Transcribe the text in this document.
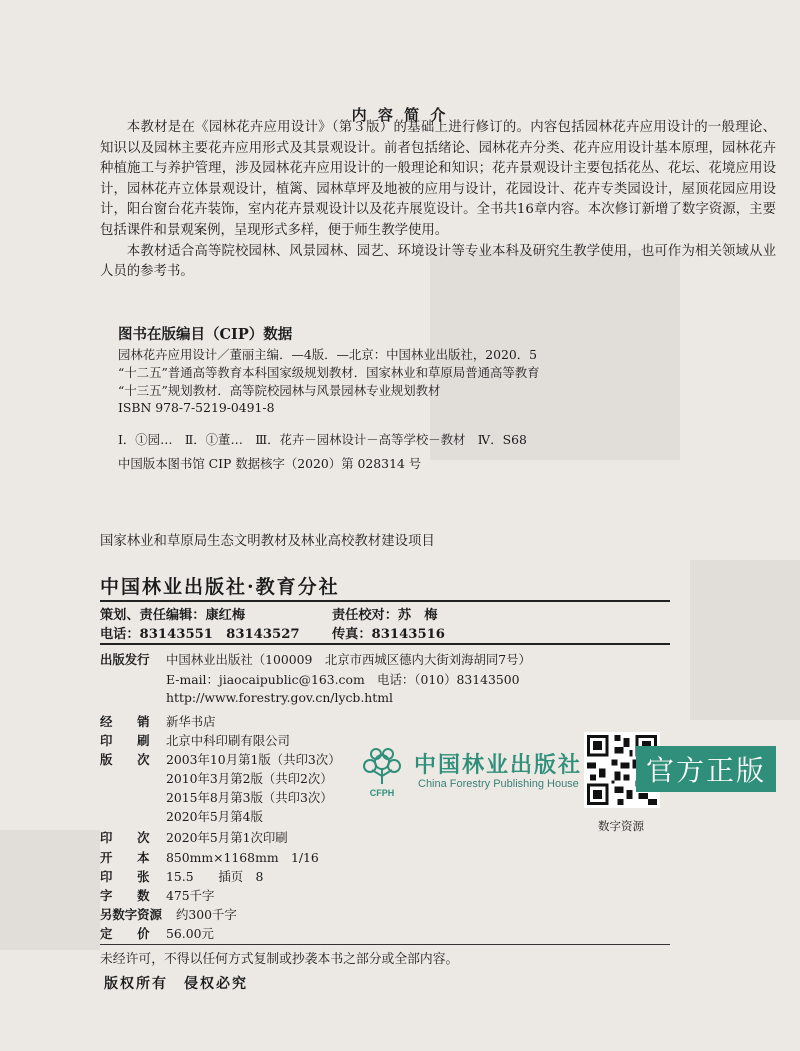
内 容 简 介

本教材是在《园林花卉应用设计》（第３版）的基础上进行修订的。内容包括园林花卉应用设计的一般理论、知识以及园林主要花卉应用形式及其景观设计。前者包括绪论、园林花卉分类、花卉应用设计基本原理，园林花卉种植施工与养护管理，涉及园林花卉应用设计的一般理论和知识；花卉景观设计主要包括花丛、花坛、花境应用设计，园林花卉立体景观设计，植篱、园林草坪及地被的应用与设计，花园设计、花卉专类园设计，屋顶花园应用设计，阳台窗台花卉装饰，室内花卉景观设计以及花卉展览设计。全书共16章内容。本次修订新增了数字资源，主要包括课件和景观案例，呈现形式多样，便于师生教学使用。

本教材适合高等院校园林、风景园林、园艺、环境设计等专业本科及研究生教学使用，也可作为相关领域从业人员的参考书。

图书在版编目（CIP）数据
园林花卉应用设计／董丽主编．—4版．—北京：中国林业出版社，2020．5
“十二五”普通高等教育本科国家级规划教材．国家林业和草原局普通高等教育
“十三五”规划教材．高等院校园林与风景园林专业规划教材
ISBN 978-7-5219-0491-8
Ⅰ．①园…　Ⅱ．①董…　Ⅲ．花卉－园林设计－高等学校－教材　Ⅳ．S68
中国版本图书馆 CIP 数据核字（2020）第 028314 号
国家林业和草原局生态文明教材及林业高校教材建设项目
中国林业出版社·教育分社
策划、责任编辑：康红梅	责任校对：苏　梅
电话：83143551　83143527 传真：83143516
出版发行 中国林业出版社（100009　北京市西城区德内大街刘海胡同7号）
E-mail：jiaocaipublic@163.com　电话：（010）83143500
http://www.forestry.gov.cn/lycb.html
经　　销 新华书店
印　　刷 北京中科印刷有限公司
版　　次 2003年10月第1版（共印3次）
2010年3月第2版（共印2次）
2015年8月第3版（共印3次）
2020年5月第4版
印　　次 2020年5月第1次印刷
开　　本 850mm×1168mm　1/16
印　　张 15.5　　插页　8
字　　数 475千字
另数字资源 约300千字
定　　价 56.00元
未经许可，不得以任何方式复制或抄袭本书之部分或全部内容。
版权所有　侵权必究
CFPH
中国林业出版社
China Forestry Publishing House	官方正版
数字资源
